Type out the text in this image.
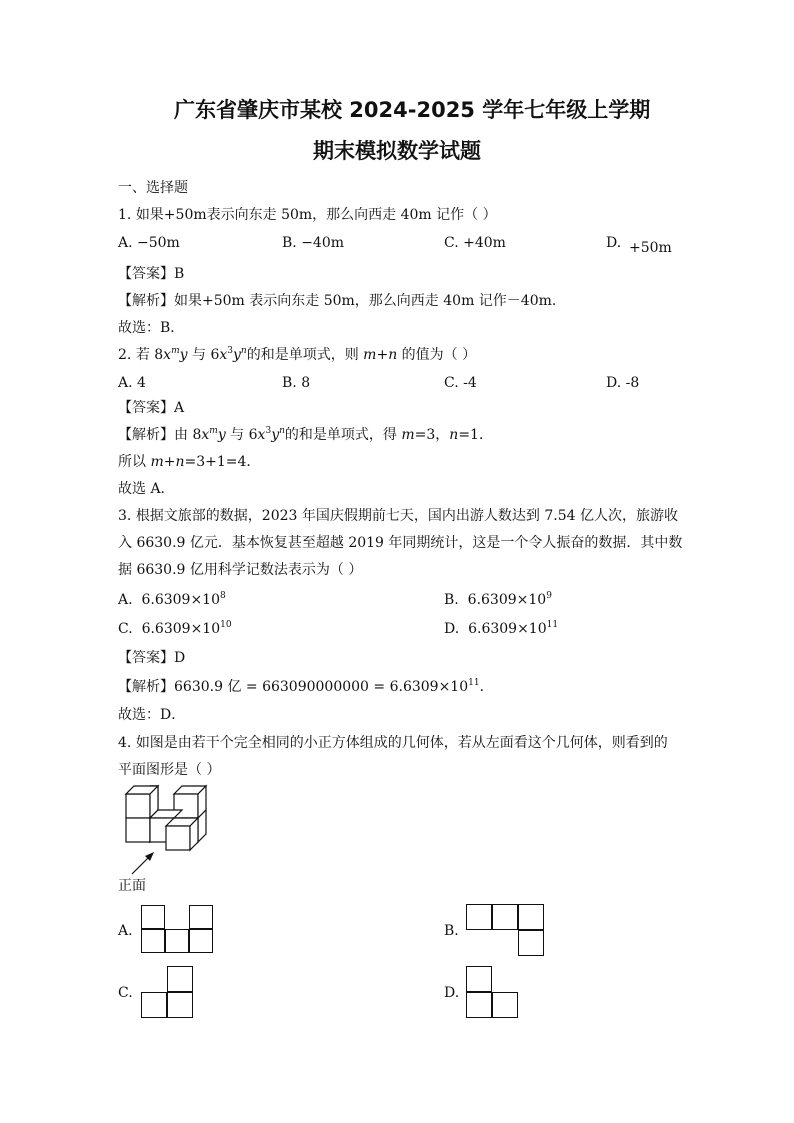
广东省肇庆市某校 2024-2025 学年七年级上学期
期末模拟数学试题
一、选择题
1. 如果+50m表示向东走 50m，那么向西走 40m 记作（ ）
A. −50m	B. −40m	C. +40m	D. +50m
【答案】B
【解析】如果+50m 表示向东走 50m，那么向西走 40m 记作－40m.
故选：B．
2. 若 $8x^my$ 与 $6x^3y^n$的和是单项式，则 m+n 的值为（ ）
A. 4	B. 8	C. -4	D. -8
【答案】A
【解析】由 $8x^my$ 与 $6x^3y^n$的和是单项式，得 m=3，n=1．
所以 m+n=3+1=4．
故选 A．
3. 根据文旅部的数据，2023 年国庆假期前七天，国内出游人数达到 7.54 亿人次，旅游收
入 6630.9 亿元．基本恢复甚至超越 2019 年同期统计，这是一个令人振奋的数据．其中数
据 6630.9 亿用科学记数法表示为（ ）
A. $6.6309\times 10^8$	B. $6.6309\times 10^9$
C. $6.6309\times 10^{10}$	D. $6.6309\times 10^{11}$
【答案】D
【解析】6630.9 亿 = $663090000000 = 6.6309\times 10^{11}$．
故选：D．
4. 如图是由若干个完全相同的小正方体组成的几何体，若从左面看这个几何体，则看到的
平面图形是（ ）
正面
A.	B.
C.	D.
